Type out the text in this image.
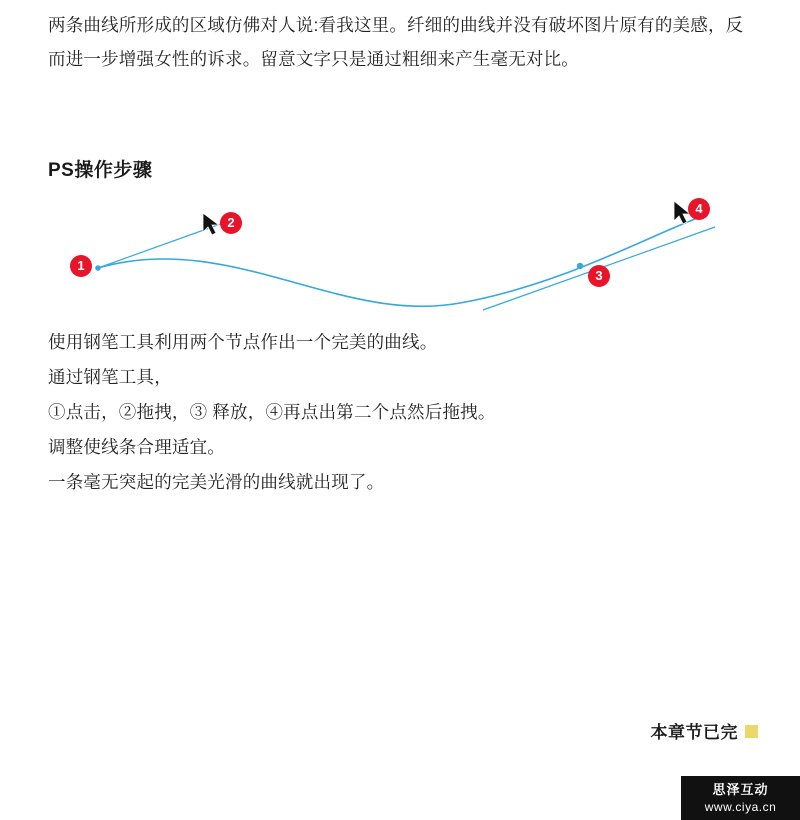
两条曲线所形成的区域仿佛对人说:看我这里。纤细的曲线并没有破坏图片原有的美感，反而进一步增强女性的诉求。留意文字只是通过粗细来产生毫无对比。

PS操作步骤
1
2
3
4

使用钢笔工具利用两个节点作出一个完美的曲线。

通过钢笔工具，

①点击，②拖拽，③ 释放，④再点出第二个点然后拖拽。

调整使线条合理适宜。

一条毫无突起的完美光滑的曲线就出现了。

本章节已完
思泽互动
www.ciya.cn
